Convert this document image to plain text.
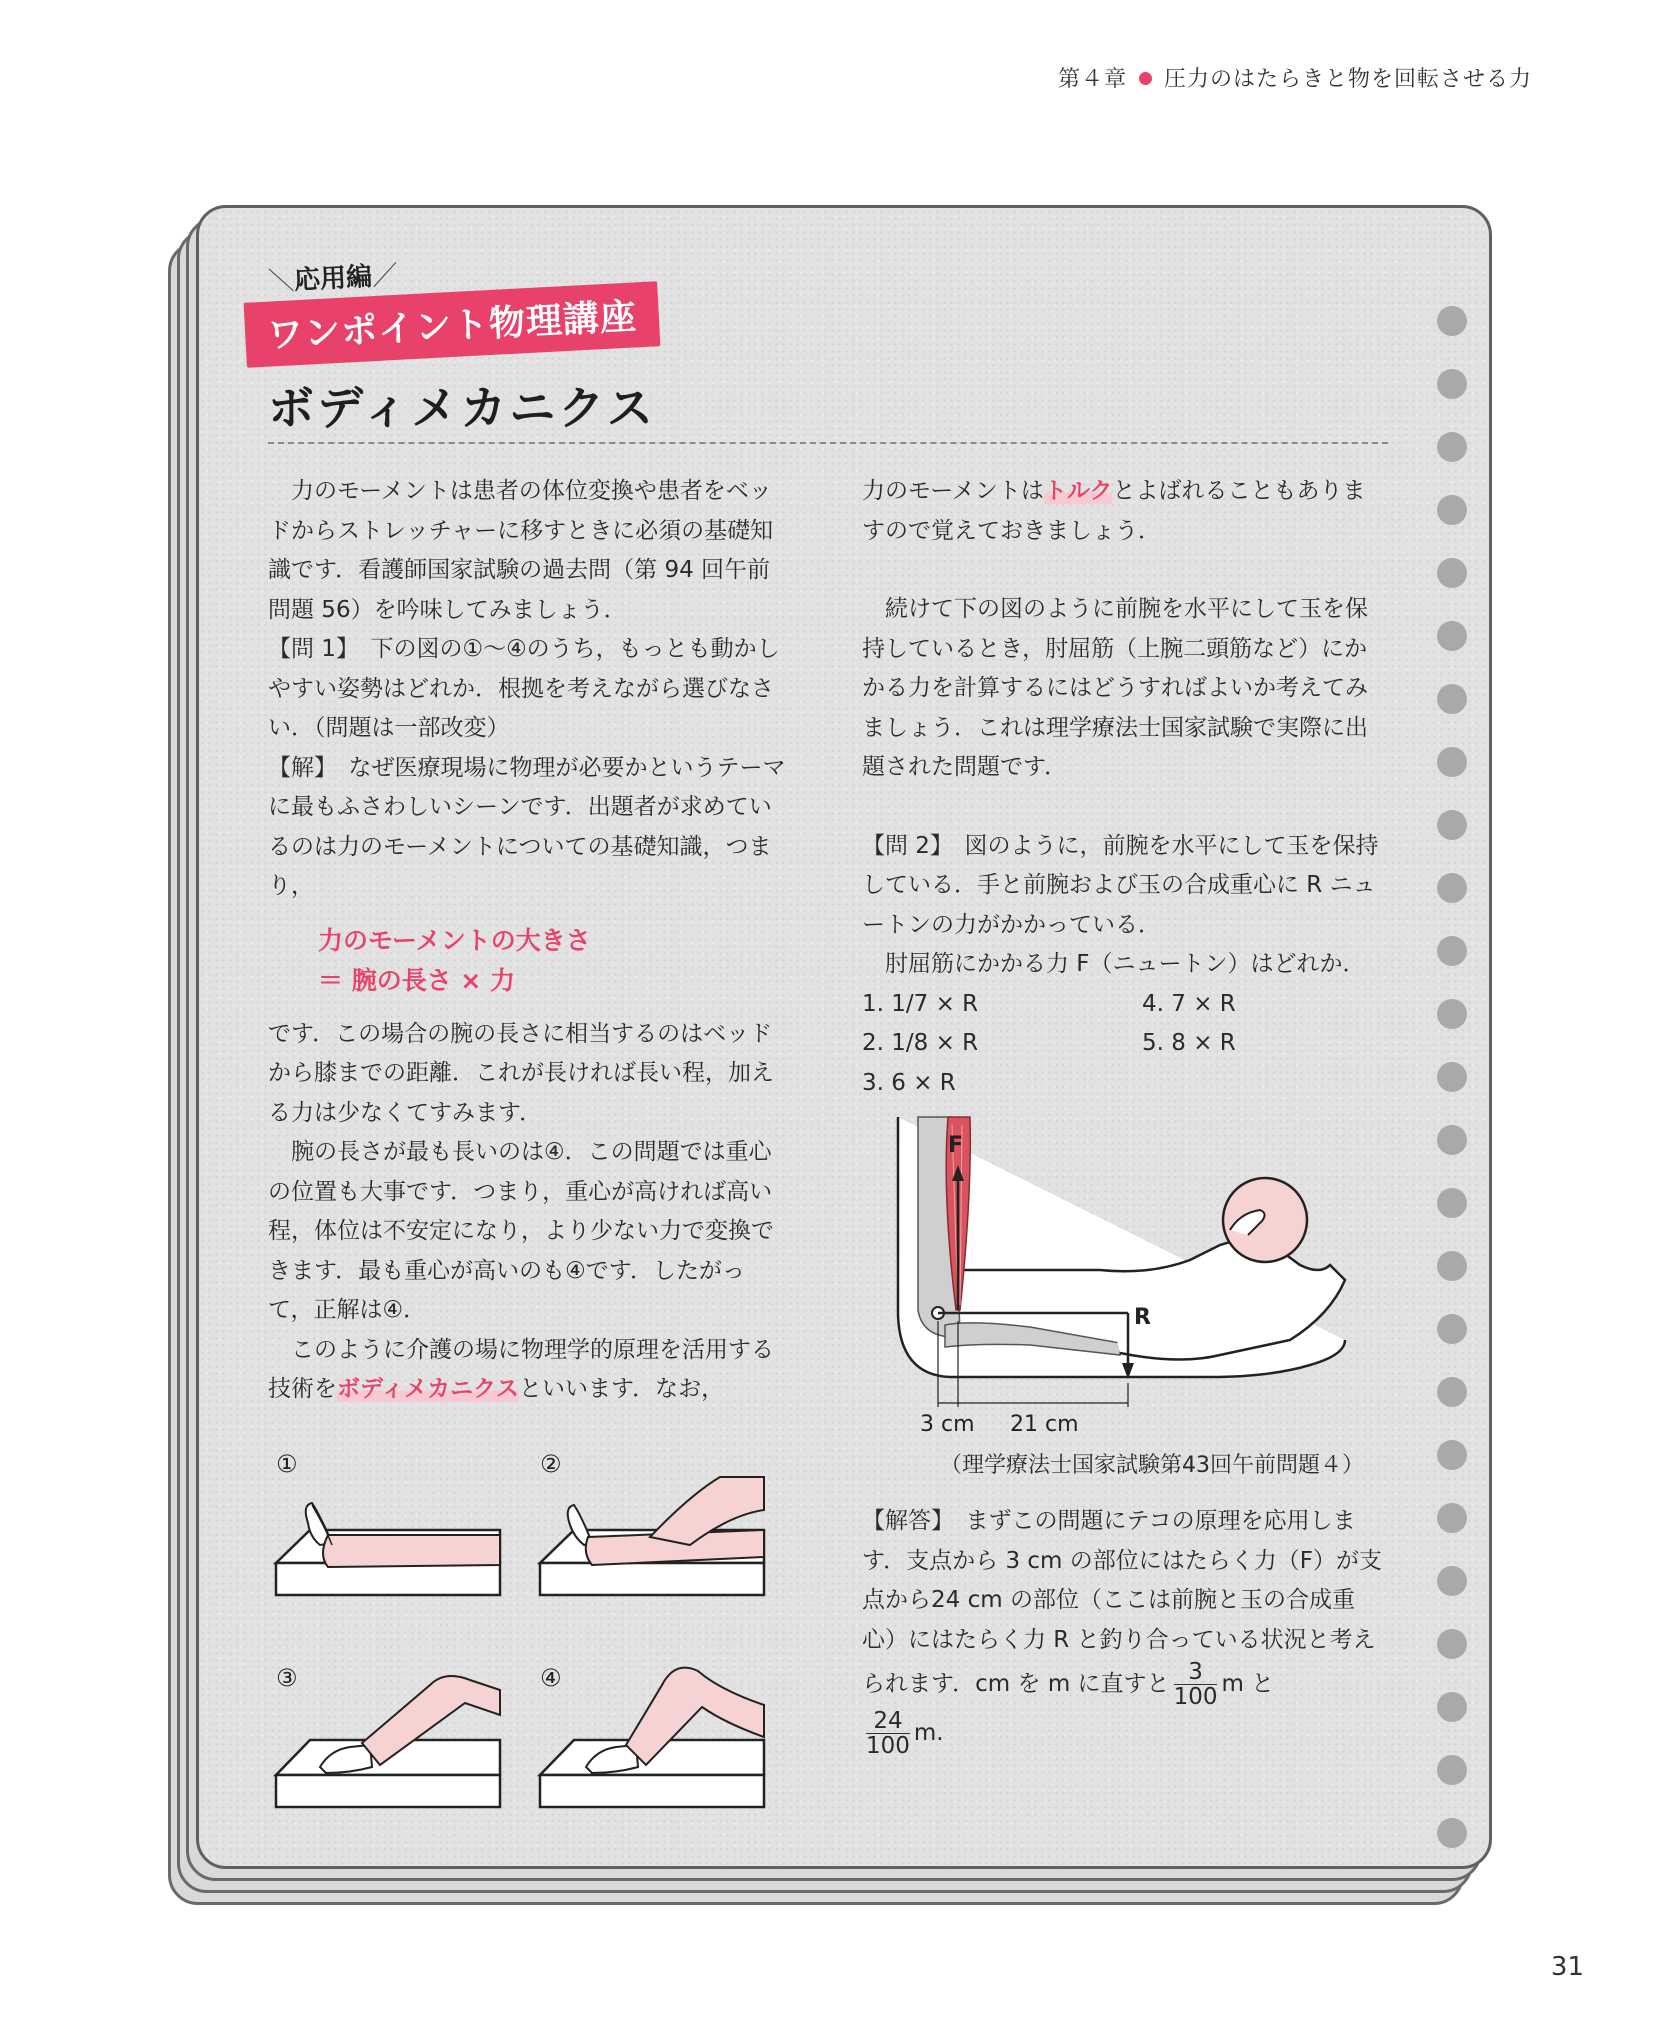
第４章 圧力のはたらきと物を回転させる力
＼応用編／
ワンポイント物理講座
ボディメカニクス

力のモーメントは患者の体位変換や患者をベッドからストレッチャーに移すときに必須の基礎知識です．看護師国家試験の過去問（第 94 回午前問題 56）を吟味してみましょう．

【問 1】　下の図の①〜④のうち，もっとも動かしやすい姿勢はどれか．根拠を考えながら選びなさい．（問題は一部改変）

【解】　なぜ医療現場に物理が必要かというテーマに最もふさわしいシーンです．出題者が求めているのは力のモーメントについての基礎知識，つまり，

力のモーメントの大きさ
＝ 腕の長さ × 力

です．この場合の腕の長さに相当するのはベッドから膝までの距離．これが長ければ長い程，加える力は少なくてすみます．

腕の長さが最も長いのは④．この問題では重心の位置も大事です．つまり，重心が高ければ高い程，体位は不安定になり，より少ない力で変換できます．最も重心が高いのも④です．したがって，正解は④．

このように介護の場に物理学的原理を活用する技術をボディメカニクスといいます．なお，

①	②
③	④

力のモーメントはトルクとよばれることもありますので覚えておきましょう．

続けて下の図のように前腕を水平にして玉を保持しているとき，肘屈筋（上腕二頭筋など）にかかる力を計算するにはどうすればよいか考えてみましょう．これは理学療法士国家試験で実際に出題された問題です．

【問 2】　図のように，前腕を水平にして玉を保持している．手と前腕および玉の合成重心に R ニュートンの力がかかっている．

肘屈筋にかかる力 F（ニュートン）はどれか．

1. 1/7 × R	4. 7 × R
2. 1/8 × R	5. 8 × R
3. 6 × R
F
R
3 cm 21 cm
（理学療法士国家試験第43回午前問題４）

【解答】　まずこの問題にテコの原理を応用します．支点から 3 cm の部位にはたらく力（F）が支点から24 cm の部位（ここは前腕と玉の合成重心）にはたらく力 R と釣り合っている状況と考えられます．cm を m に直すと $\frac{3}{100}$ m と

$\frac{24}{100} m$.

31
